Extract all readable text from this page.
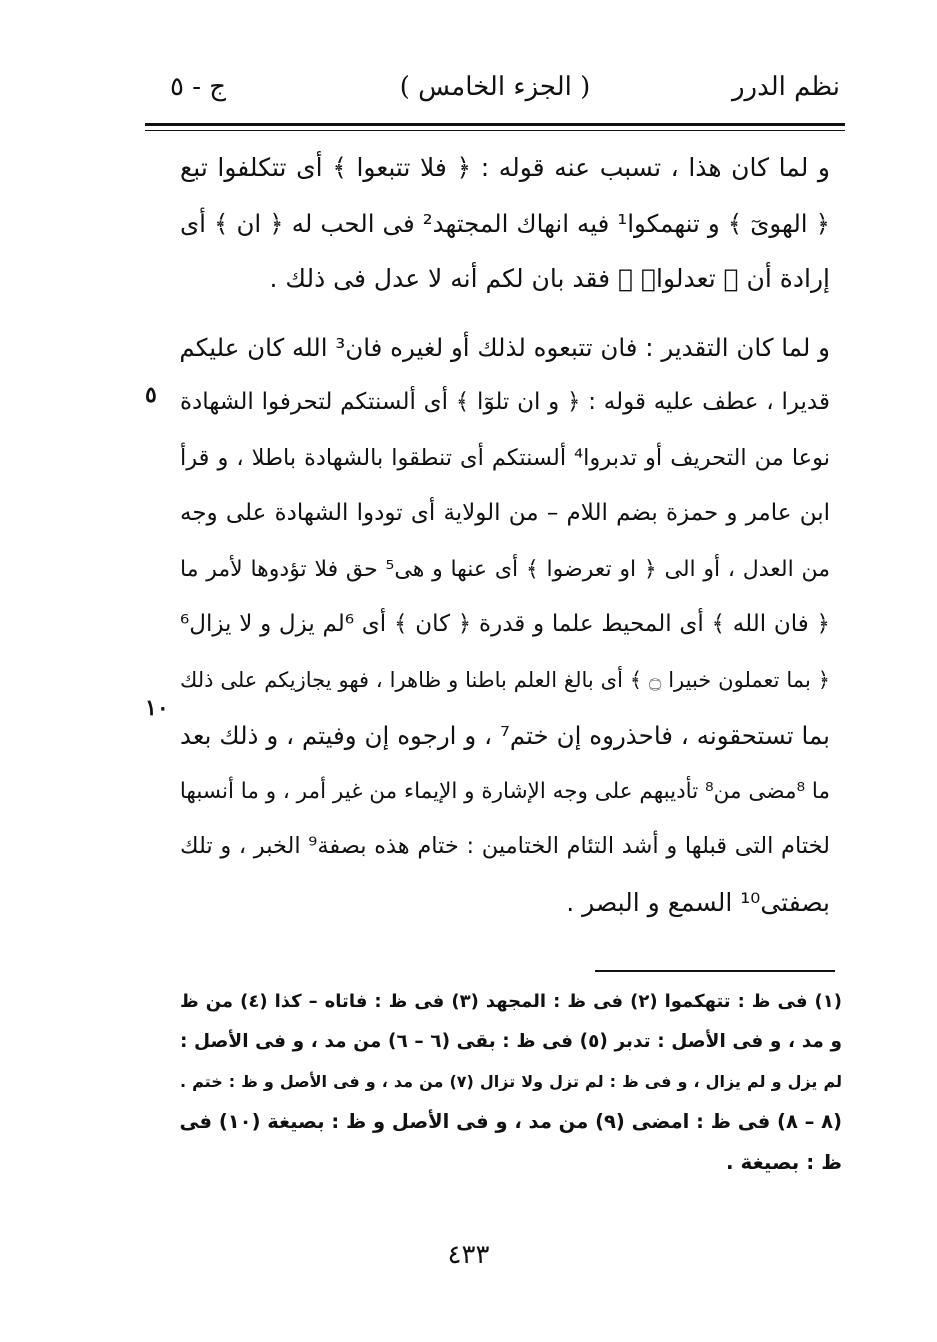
نظم الدرر
( الجزء الخامس )
ج - ٥
و لما كان هذا ، تسبب عنه قوله : ﴿ فلا تتبعوا ﴾ أى تتكلفوا تبع
﴿ الهوىٓ ﴾ و تنهمكوا¹ فيه انهاك المجتهد² فى الحب له ﴿ ان ﴾ أى
إرادة أن ﴿ تعدلواۚ ﴾ فقد بان لكم أنه لا عدل فى ذلك .
و لما كان التقدير : فان تتبعوه لذلك أو لغيره فان³ الله كان عليكم
قديرا ، عطف عليه قوله : ﴿ و ان تلوٓا ﴾ أى ألسنتكم لتحرفوا الشهادة
نوعا من التحريف أو تدبروا⁴ ألسنتكم أى تنطقوا بالشهادة باطلا ، و قرأ
ابن عامر و حمزة بضم اللام – من الولاية أى تودوا الشهادة على وجه
من العدل ، أو الى ﴿ او تعرضوا ﴾ أى عنها و هى⁵ حق فلا تؤدوها لأمر ما
﴿ فان الله ﴾ أى المحيط علما و قدرة ﴿ كان ﴾ أى ⁶لم يزل و لا يزال⁶
﴿ بما تعملون خبيرا ۝ ﴾ أى بالغ العلم باطنا و ظاهرا ، فهو يجازيكم على ذلك
بما تستحقونه ، فاحذروه إن ختم⁷ ، و ارجوه إن وفيتم ، و ذلك بعد
ما ⁸مضى من⁸ تأديبهم على وجه الإشارة و الإيماء من غير أمر ، و ما أنسبها
لختام التى قبلها و أشد التئام الختامين : ختام هذه بصفة⁹ الخبر ، و تلك
بصفتى¹⁰ السمع و البصر .
٥
١٠
(١) فى ظ : تتهكموا (٢) فى ظ : المجهد (٣) فى ظ : فاتاه – كذا (٤) من ظ
و مد ، و فى الأصل : تدبر (٥) فى ظ : بقى (٦ – ٦) من مد ، و فى الأصل :
لم يزل و لم يزال ، و فى ظ : لم تزل ولا تزال (٧) من مد ، و فى الأصل و ظ : ختم .
(٨ – ٨) فى ظ : امضى (٩) من مد ، و فى الأصل و ظ : بصيغة (١٠) فى
ظ : بصيغة .
٤٣٣
